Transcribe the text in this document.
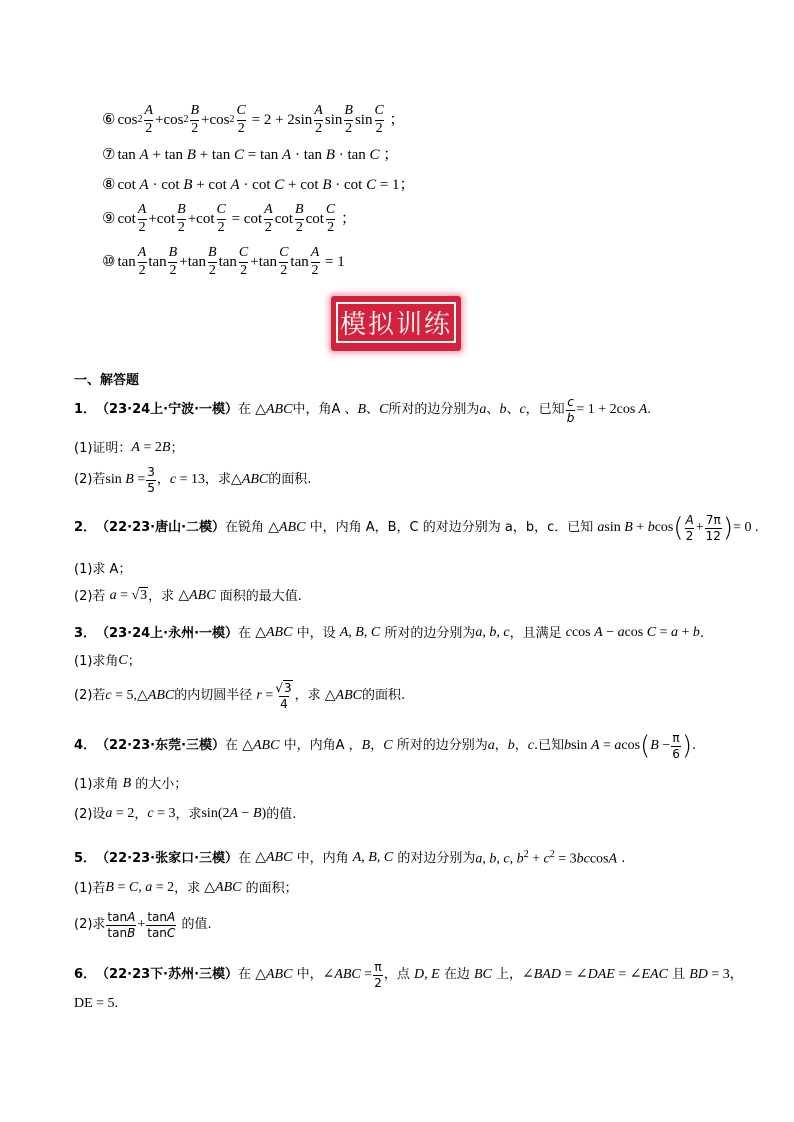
⑥ $\cos 2 \frac{A}{2} +\cos$ $2 \frac{B}{2} +\cos$ $2 \frac{C}{2} = 2 + 2\sin \frac{A}{2}$ $\sin \frac{B}{2}$ $\sin \frac{C}{2}$ ；
⑦ tan A + tan B + tan C = tan A · tan B · tan C ；
⑧ cot A · cot B + cot A · cot C + cot B · cot C = 1；
⑨ $\cot \frac{A}{2} +\cot \frac{B}{2} +\cot \frac{C}{2} = \cot \frac{A}{2}$ $\cot \frac{B}{2}$ $\cot \frac{C}{2}$ ；
⑩ $\tan \frac{A}{2}$ $\tan \frac{B}{2} +\tan \frac{B}{2}$ $\tan \frac{C}{2} +\tan \frac{C}{2}$ $\tan \frac{A}{2} = 1$
模拟训练
一、解答题
1． （23·24上·宁波·一模） 在
△ABC 中，角 A 、 B 、 C 所对的边分别为 a 、 b 、 c ，已知 $\frac{c}{b} = 1 + 2\cos$ A.
(1)证明： A = 2B ；
(2)若 $\sin B = \frac{3}{5}$ ， c = 13 ，求 △ABC 的面积.
2． （22·23·唐山·二模） 在锐角
△ABC
中，内角 A，B，C 的对边分别为 a，b，c．已知
asin B + bcos ( $\frac{A}{2} + \frac{7\pi}{12}$ ) = 0 .
(1)求 A；
(2)若
a = √3 ，求
△ABC
面积的最大值.
3． （23·24上·永州·一模） 在
△ABC
中，设
A, B, C
所对的边分别为 a, b, c ，且满足
ccos A − acos C = a + b .
(1)求角 C ；
(2)若 c = 5,△ABC 的内切圆半径
$r = \frac{√3}{4}$ ，求
△ABC 的面积.
4． （22·23·东莞·三模） 在
△ABC
中，内角 A ， B ， C
所对的边分别为 a ， b ， c .已知 bsin A = acos ( $B - \frac{\pi}{6}$ ) .
(1)求角
B
的大小；
(2)设 a = 2 ， c = 3 ，求 sin(2A − B) 的值.
5． （22·23·张家口·三模） 在
△ABC
中，内角
A, B, C
的对边分别为 a, b, c, $b^2 + c^2 = 3bccosA$ .
(1)若 B = C, a = 2 ，求
△ABC
的面积；
(2)求 $\frac{\tan A}{\tan B} + \frac{\tan A}{\tan C}$
的值.
6． （22·23下·苏州·三模） 在
△ABC
中， ∠ABC = $\frac{\pi}{2}$ ，点
D, E
在边
BC
上， ∠BAD = ∠DAE = ∠EAC
且
BD = 3 ，
DE = 5.
